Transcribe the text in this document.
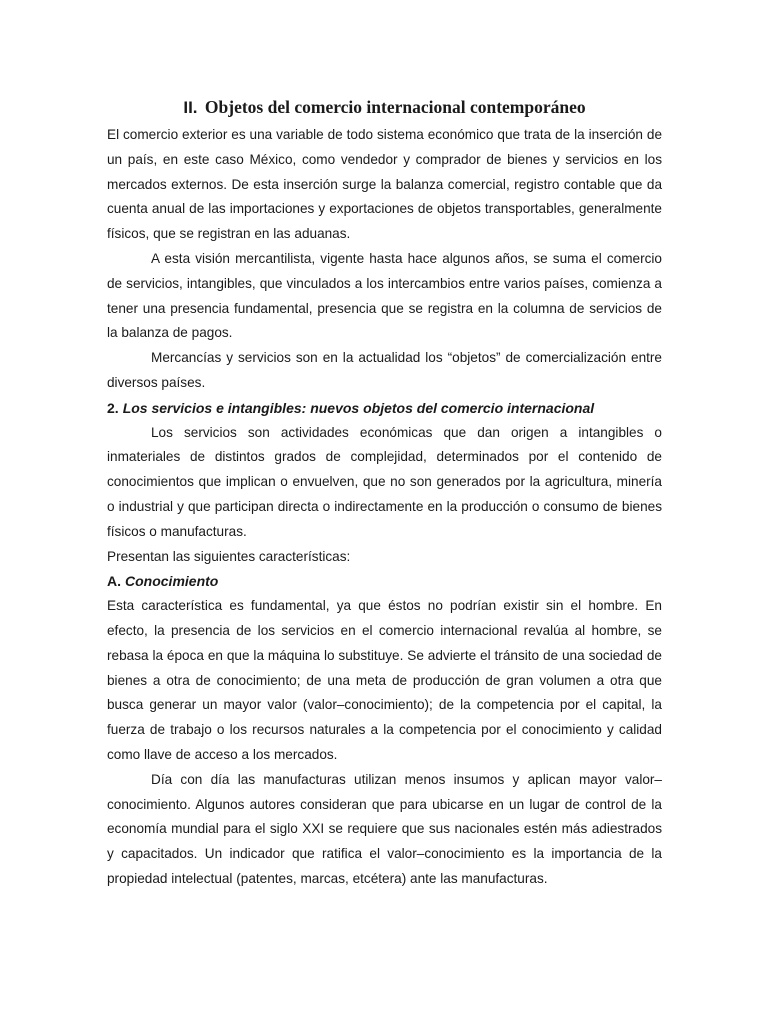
II. Objetos del comercio internacional contemporáneo

El comercio exterior es una variable de todo sistema económico que trata de la inserción de un país, en este caso México, como vendedor y comprador de bienes y servicios en los mercados externos. De esta inserción surge la balanza comercial, registro contable que da cuenta anual de las importaciones y exportaciones de objetos transportables, generalmente físicos, que se registran en las aduanas.

A esta visión mercantilista, vigente hasta hace algunos años, se suma el comercio de servicios, intangibles, que vinculados a los intercambios entre varios países, comienza a tener una presencia fundamental, presencia que se registra en la columna de servicios de la balanza de pagos.

Mercancías y servicios son en la actualidad los “objetos” de comercialización entre diversos países.

2. Los servicios e intangibles: nuevos objetos del comercio internacional

Los servicios son actividades económicas que dan origen a intangibles o inmateriales de distintos grados de complejidad, determinados por el contenido de conocimientos que implican o envuelven, que no son generados por la agricultura, minería o industrial y que participan directa o indirectamente en la producción o consumo de bienes físicos o manufacturas.

Presentan las siguientes características:

A. Conocimiento

Esta característica es fundamental, ya que éstos no podrían existir sin el hombre. En efecto, la presencia de los servicios en el comercio internacional revalúa al hombre, se rebasa la época en que la máquina lo substituye. Se advierte el tránsito de una sociedad de bienes a otra de conocimiento; de una meta de producción de gran volumen a otra que busca generar un mayor valor (valor–conocimiento); de la competencia por el capital, la fuerza de trabajo o los recursos naturales a la competencia por el conocimiento y calidad como llave de acceso a los mercados.

Día con día las manufacturas utilizan menos insumos y aplican mayor valor–conocimiento. Algunos autores consideran que para ubicarse en un lugar de control de la economía mundial para el siglo XXI se requiere que sus nacionales estén más adiestrados y capacitados. Un indicador que ratifica el valor–conocimiento es la importancia de la propiedad intelectual (patentes, marcas, etcétera) ante las manufacturas.
